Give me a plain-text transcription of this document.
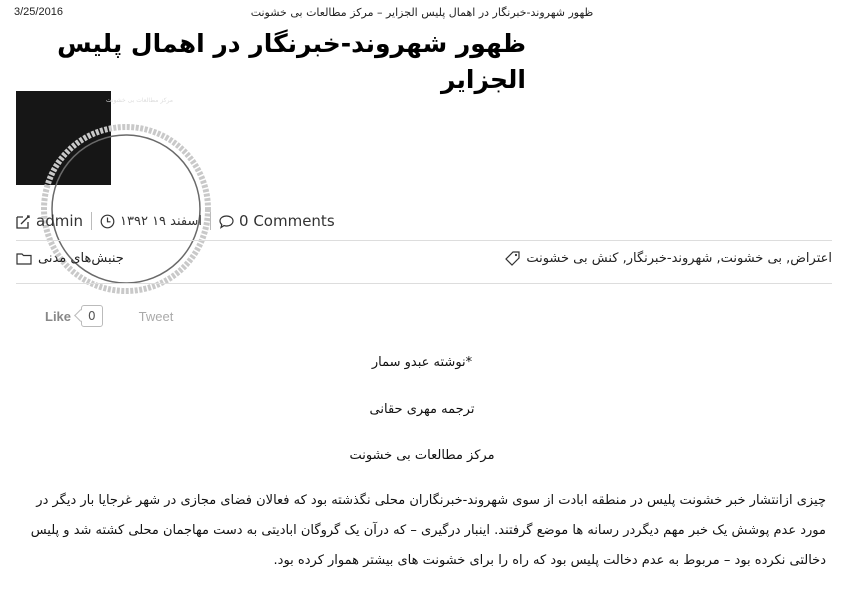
3/25/2016	ظهور شهروند-خبرنگار در اهمال پلیس الجزایر – مرکز مطالعات بی خشونت
ظهور شهروند-خبرنگار در اهمال پلیس الجزایر
مرکز مطالعات بی خشونت
admin	اسفند ۱۹ ۱۳۹۲ 0 Comments
جنبش‌های مدنی	اعتراض, بی خشونت, شهروند-خبرنگار, کنش بی خشونت
Like	0	Tweet
*نوشته عبدو سمار
ترجمه مهری حقانی
مرکز مطالعات بی خشونت

چیزی ازانتشار خبر خشونت پلیس در منطقه ابادت از سوی شهروند-خبرنگاران محلی نگذشته بود که فعالان فضای مجازی در شهر غرجایا بار دیگر در مورد عدم پوشش یک خبر مهم دیگردر رسانه ها موضع گرفتند. اینبار درگیری – که درآن یک گروگان ابادیتی به دست مهاجمان محلی کشته شد و پلیس دخالتی نکرده بود – مربوط به عدم دخالت پلیس بود که راه را برای خشونت های بیشتر هموار کرده بود.
